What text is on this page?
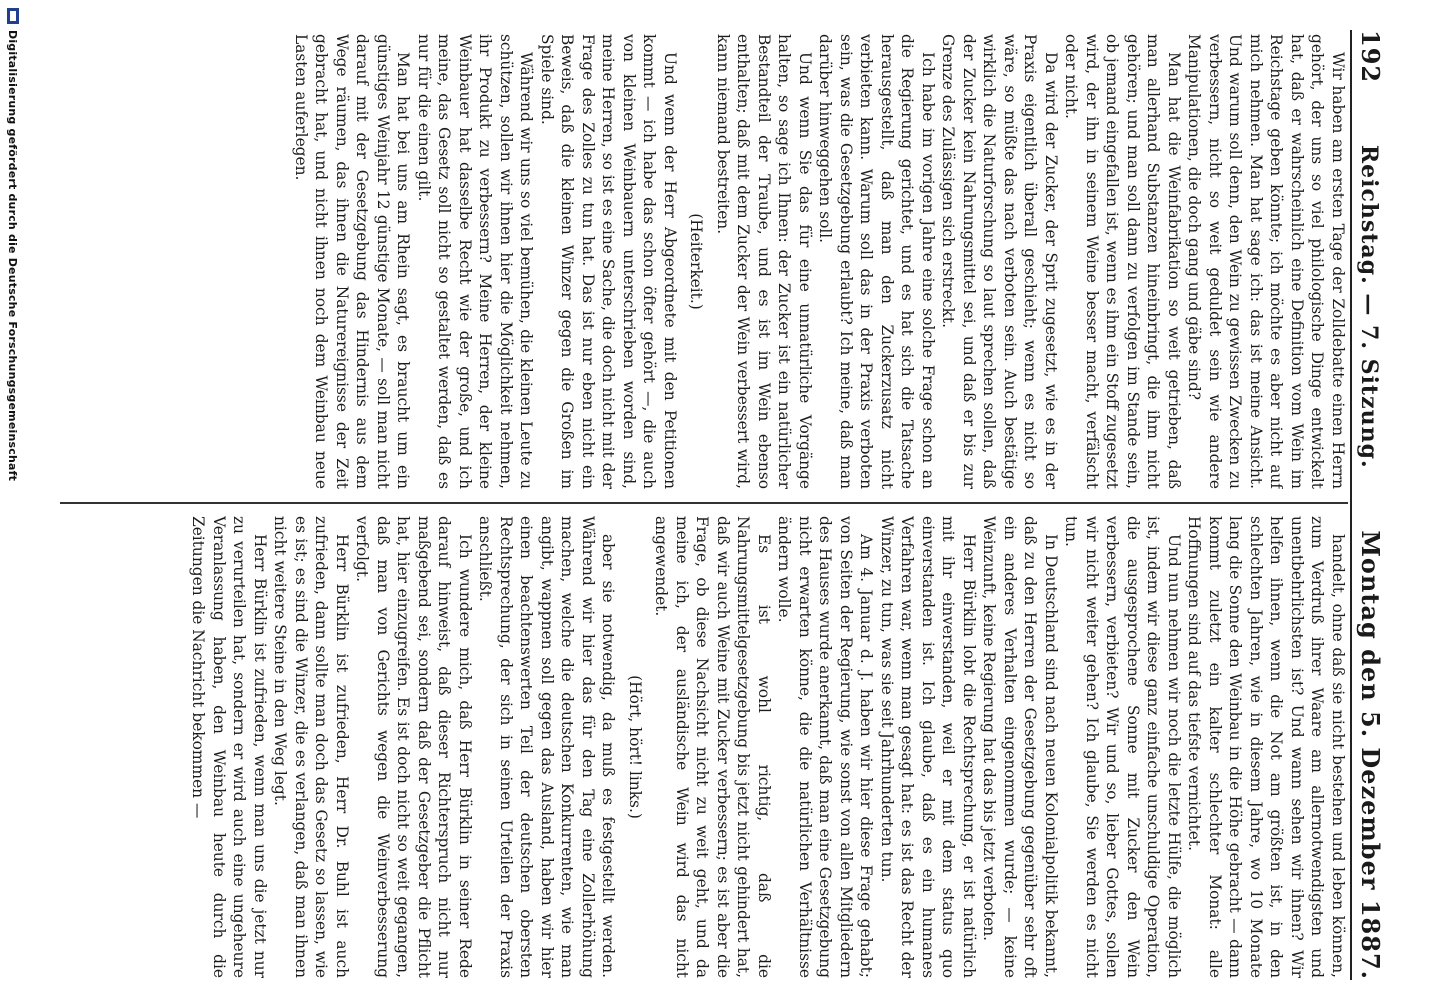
192
Reichstag. — 7. Sitzung.
Montag den 5. Dezember 1887.

Wir haben am ersten Tage der Zolldebatte einen Herrn gehört, der uns so viel philologische Dinge entwickelt hat, daß er wahrscheinlich eine Definition vom Wein im Reichstage geben könnte; ich möchte es aber nicht auf mich nehmen. Man hat sage ich: das ist meine Ansicht. Und warum soll denn, den Wein zu gewissen Zwecken zu verbessern, nicht so weit geduldet sein wie andere Manipulationen, die doch gang und gäbe sind?

Man hat die Weinfabrikation so weit getrieben, daß man allerhand Substanzen hineinbringt, die ihm nicht gehören; und man soll dann zu verfolgen im Stande sein, ob jemand eingefallen ist, wenn es ihm ein Stoff zugesetzt wird, der ihn in seinem Weine besser macht, verfälscht oder nicht.

Da wird der Zucker, der Sprit zugesetzt, wie es in der Praxis eigentlich überall geschieht; wenn es nicht so wäre, so müßte das nach verboten sein. Auch bestätige wirklich die Naturforschung so laut sprechen sollen, daß der Zucker kein Nahrungsmittel sei, und daß er bis zur Grenze des Zulässigen sich erstreckt.

Ich habe im vorigen Jahre eine solche Frage schon an die Regierung gerichtet, und es hat sich die Tatsache herausgestellt, daß man den Zuckerzusatz nicht verbieten kann. Warum soll das in der Praxis verboten sein, was die Gesetzgebung erlaubt? Ich meine, daß man darüber hinweggehen soll.

Und wenn Sie das für eine unnatürliche Vorgänge halten, so sage ich Ihnen: der Zucker ist ein natürlicher Bestandteil der Traube, und es ist im Wein ebenso enthalten; daß mit dem Zucker der Wein verbessert wird, kann niemand bestreiten.

(Heiterkeit.)

Und wenn der Herr Abgeordnete mit den Petitionen kommt — ich habe das schon öfter gehört —, die auch von kleinen Weinbauern unterschrieben worden sind, meine Herren, so ist es eine Sache, die doch nicht mit der Frage des Zolles zu tun hat. Das ist nur eben nicht ein Beweis, daß die kleinen Winzer gegen die Großen im Spiele sind.

Während wir uns so viel bemühen, die kleinen Leute zu schützen, sollen wir ihnen hier die Möglichkeit nehmen, ihr Produkt zu verbessern? Meine Herren, der kleine Weinbauer hat dasselbe Recht wie der große, und ich meine, das Gesetz soll nicht so gestaltet werden, daß es nur für die einen gilt.

Man hat bei uns am Rhein sagt, es braucht um ein günstiges Weinjahr 12 günstige Monate, — soll man nicht darauf mit der Gesetzgebung das Hindernis aus dem Wege räumen, das ihnen die Naturereignisse der Zeit gebracht hat, und nicht ihnen noch dem Weinbau neue Lasten auferlegen.

handelt, ohne daß sie nicht bestehen und leben können, zum Verdruß ihrer Waare am allernotwendigsten und unentbehrlichsten ist? Und wann sehen wir ihnen? Wir helfen ihnen, wenn die Not am größten ist, in den schlechten Jahren, wie in diesem Jahre, wo 10 Monate lang die Sonne den Weinbau in die Höhe gebracht — dann kommt zuletzt ein kalter schlechter Monat: alle Hoffnungen sind auf das tiefste vernichtet.

Und nun nehmen wir noch die letzte Hülfe, die möglich ist, indem wir diese ganz einfache unschuldige Operation, die ausgesprochene Sonne mit Zucker den Wein verbessern, verbieten? Wir und so, lieber Gottes, sollen wir nicht weiter gehen? Ich glaube, Sie werden es nicht tun.

In Deutschland sind nach neuen Kolonialpolitik bekannt, daß zu den Herren der Gesetzgebung gegenüber sehr oft ein anderes Verhalten eingenommen wurde; — keine Weinzunft, keine Regierung hat das bis jetzt verboten.

Herr Bürklin lobt die Rechtsprechung, er ist natürlich mit ihr einverstanden, weil er mit dem status quo einverstanden ist. Ich glaube, daß es ein humanes Verfahren war, wenn man gesagt hat: es ist das Recht der Winzer, zu tun, was sie seit Jahrhunderten tun.

Am 4. Januar d. J. haben wir hier diese Frage gehabt; von Seiten der Regierung, wie sonst von allen Mitgliedern des Hauses wurde anerkannt, daß man eine Gesetzgebung nicht erwarten könne, die die natürlichen Verhältnisse ändern wolle.

Es ist wohl richtig, daß die Nahrungsmittelgesetzgebung bis jetzt nicht gehindert hat, daß wir auch Weine mit Zucker verbessern; es ist aber die Frage, ob diese Nachsicht nicht zu weit geht, und da meine ich, der ausländische Wein wird das nicht angewendet.

(Hört, hört! links.)

aber sie notwendig, da muß es festgestellt werden. Während wir hier das für den Tag eine Zollerhöhung machen, welche die deutschen Konkurrenten, wie man angibt, wappnen soll gegen das Ausland, haben wir hier einen beachtenswerten Teil der deutschen obersten Rechtsprechung, der sich in seinen Urteilen der Praxis anschließt.

Ich wundere mich, daß Herr Bürklin in seiner Rede darauf hinweist, daß dieser Richterspruch nicht nur maßgebend sei, sondern daß der Gesetzgeber die Pflicht hat, hier einzugreifen. Es ist doch nicht so weit gegangen, daß man von Gerichts wegen die Weinverbesserung verfolgt.

Herr Bürklin ist zufrieden, Herr Dr. Buhl ist auch zufrieden, dann sollte man doch das Gesetz so lassen, wie es ist; es sind die Winzer, die es verlangen, daß man ihnen nicht weitere Steine in den Weg legt.

Herr Bürklin ist zufrieden, wenn man uns die jetzt nur zu verurteilen hat, sondern er wird auch eine ungeheure Veranlassung haben, den Weinbau heute durch die Zeitungen die Nachricht bekommen —

Digitalisierung gefördert durch die Deutsche Forschungsgemeinschaft
